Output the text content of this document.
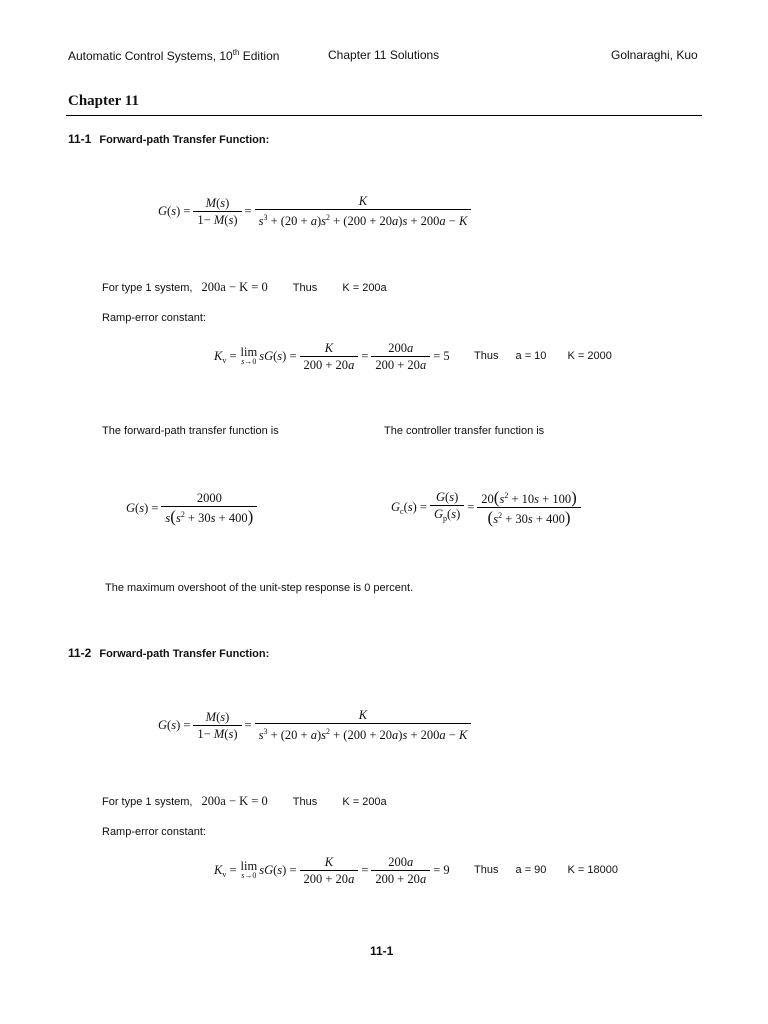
Automatic Control Systems, 10th Edition	Chapter 11 Solutions	Golnaraghi, Kuo
Chapter 11
11-1 Forward-path Transfer Function:
$G(s) = \frac{M(s)}{1- M(s)} = \frac{K}{s^3 + (20 + a)s^2 + (200 + 20a)s + 200a - K}$
For type 1 system, 200a − K = 0 Thus K = 200a
Ramp-error constant:
$K_v = \lim$
s→0 $sG(s) = \frac{K}{200 + 20a} = \frac{200a}{200 + 20a} = 5$ Thus a = 10 K = 2000
The forward-path transfer function is	The controller transfer function is
$G(s) = \frac{2000}{s(s^2 + 30s + 400)}$	$G_c(s) = \frac{G(s)}{G_p(s)} = \frac{20(s^2 + 10s + 100)}{(s^2 + 30s + 400)}$
The maximum overshoot of the unit-step response is 0 percent.
11-2 Forward-path Transfer Function:
$G(s) = \frac{M(s)}{1- M(s)} = \frac{K}{s^3 + (20 + a)s^2 + (200 + 20a)s + 200a - K}$
For type 1 system, 200a − K = 0 Thus K = 200a
Ramp-error constant:
$K_v = \lim$
s→0 $sG(s) = \frac{K}{200 + 20a} = \frac{200a}{200 + 20a} = 9$ Thus a = 90 K = 18000
11-1
